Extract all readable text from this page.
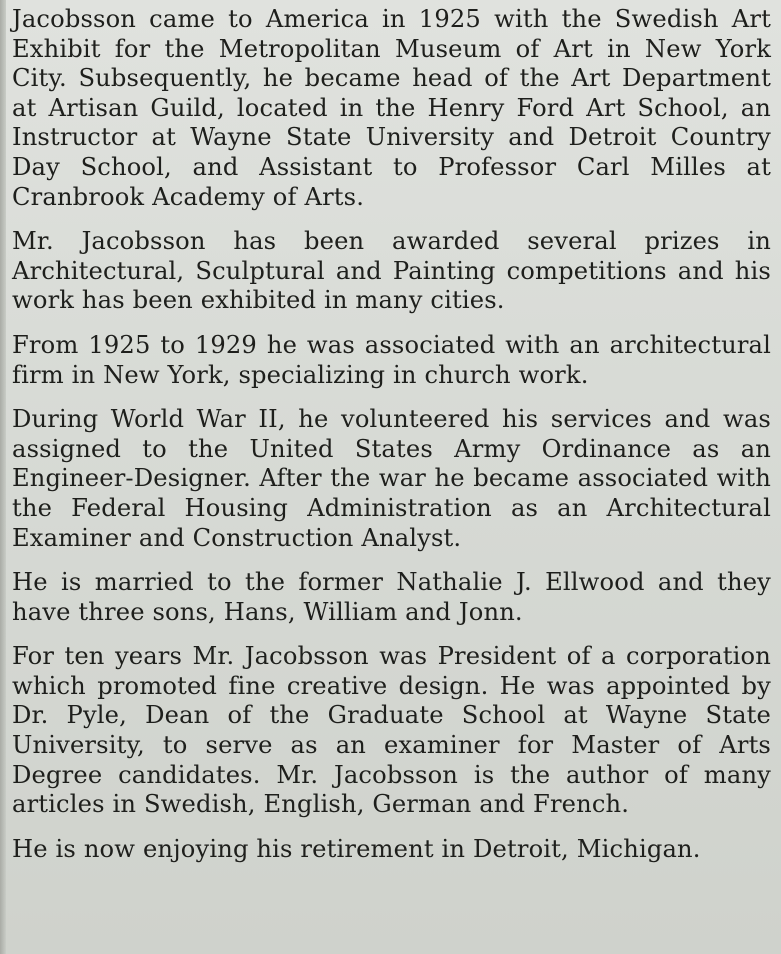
Jacobsson came to America in 1925 with the Swedish Art Exhibit for the Metropolitan Museum of Art in New York City. Subsequently, he became head of the Art Department at Artisan Guild, located in the Henry Ford Art School, an Instructor at Wayne State University and Detroit Country Day School, and Assistant to Professor Carl Milles at Cranbrook Academy of Arts.

Mr. Jacobsson has been awarded several prizes in Architectural, Sculptural and Painting competitions and his work has been exhibited in many cities.

From 1925 to 1929 he was associated with an architectural firm in New York, specializing in church work.

During World War II, he volunteered his services and was assigned to the United States Army Ordinance as an Engineer-Designer. After the war he became associated with the Federal Housing Administration as an Architectural Examiner and Construction Analyst.

He is married to the former Nathalie J. Ellwood and they have three sons, Hans, William and Jonn.

For ten years Mr. Jacobsson was President of a corporation which promoted fine creative design. He was appointed by Dr. Pyle, Dean of the Graduate School at Wayne State University, to serve as an examiner for Master of Arts Degree candidates. Mr. Jacobsson is the author of many articles in Swedish, English, German and French.

He is now enjoying his retirement in Detroit, Michigan.
